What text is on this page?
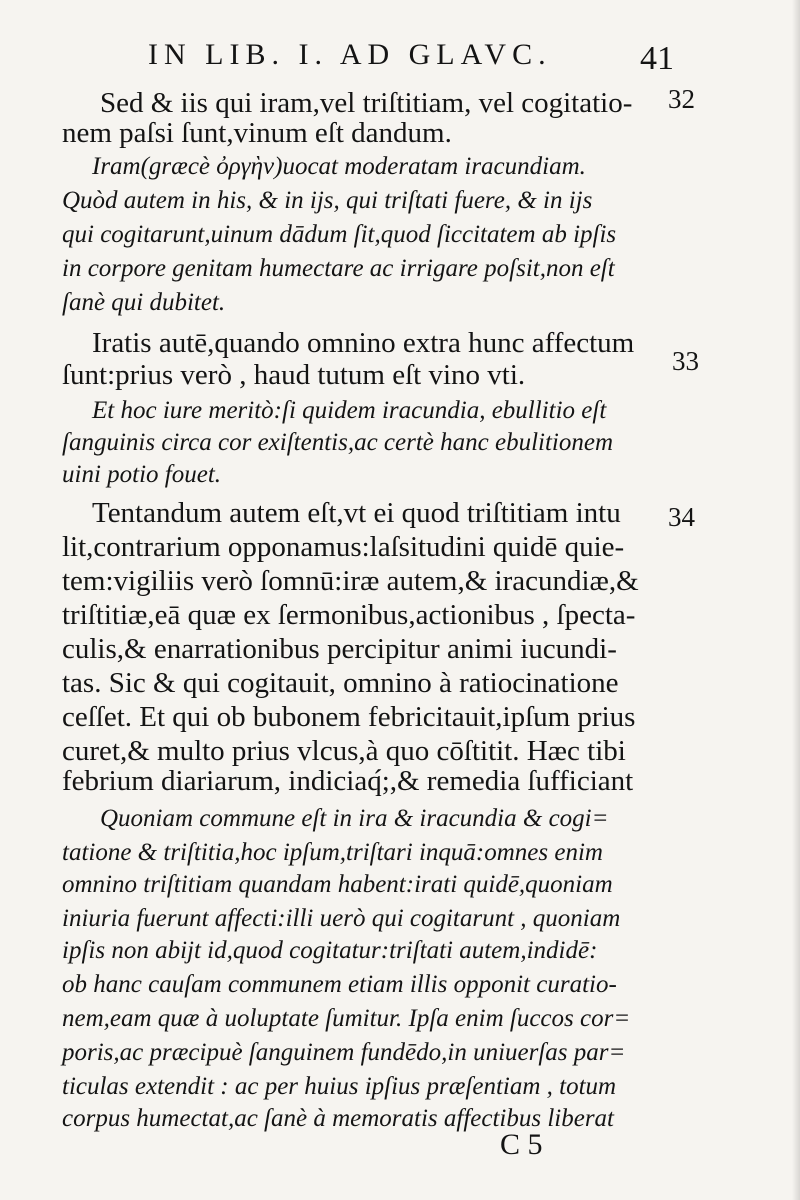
IN LIB. I. AD GLAVC.	41
32
33
34
Sed & iis qui iram,vel triſtitiam, vel cogitatio-
nem paſsi ſunt,vinum eſt dandum.
Iram(græcè ὀργὴν)uocat moderatam iracundiam.
Quòd autem in his, & in ijs, qui triſtati fuere, & in ijs
qui cogitarunt,uinum dādum ſit,quod ſiccitatem ab ipſis
in corpore genitam humectare ac irrigare poſsit,non eſt
ſanè qui dubitet.
Iratis autē,quando omnino extra hunc affectum
ſunt:prius verò , haud tutum eſt vino vti.
Et hoc iure meritò:ſi quidem iracundia, ebullitio eſt
ſanguinis circa cor exiſtentis,ac certè hanc ebulitionem
uini potio fouet.
Tentandum autem eſt,vt ei quod triſtitiam intu
lit,contrarium opponamus:laſsitudini quidē quie-
tem:vigiliis verò ſomnū:iræ autem,& iracundiæ,&
triſtitiæ,eā quæ ex ſermonibus,actionibus , ſpecta-
culis,& enarrationibus percipitur animi iucundi-
tas. Sic & qui cogitauit, omnino à ratiocinatione
ceſſet. Et qui ob bubonem febricitauit,ipſum prius
curet,& multo prius vlcus,à quo cōſtitit. Hæc tibi
febrium diariarum, indiciaq́;,& remedia ſufficiant
Quoniam commune eſt in ira & iracundia & cogi=
tatione & triſtitia,hoc ipſum,triſtari inquā:omnes enim
omnino triſtitiam quandam habent:irati quidē,quoniam
iniuria fuerunt affecti:illi uerò qui cogitarunt , quoniam
ipſis non abijt id,quod cogitatur:triſtati autem,indidē:
ob hanc cauſam communem etiam illis opponit curatio-
nem,eam quæ à uoluptate ſumitur. Ipſa enim ſuccos cor=
poris,ac præcipuè ſanguinem fundēdo,in uniuerſas par=
ticulas extendit : ac per huius ipſius præſentiam , totum
corpus humectat,ac ſanè à memoratis affectibus liberat
C 5
